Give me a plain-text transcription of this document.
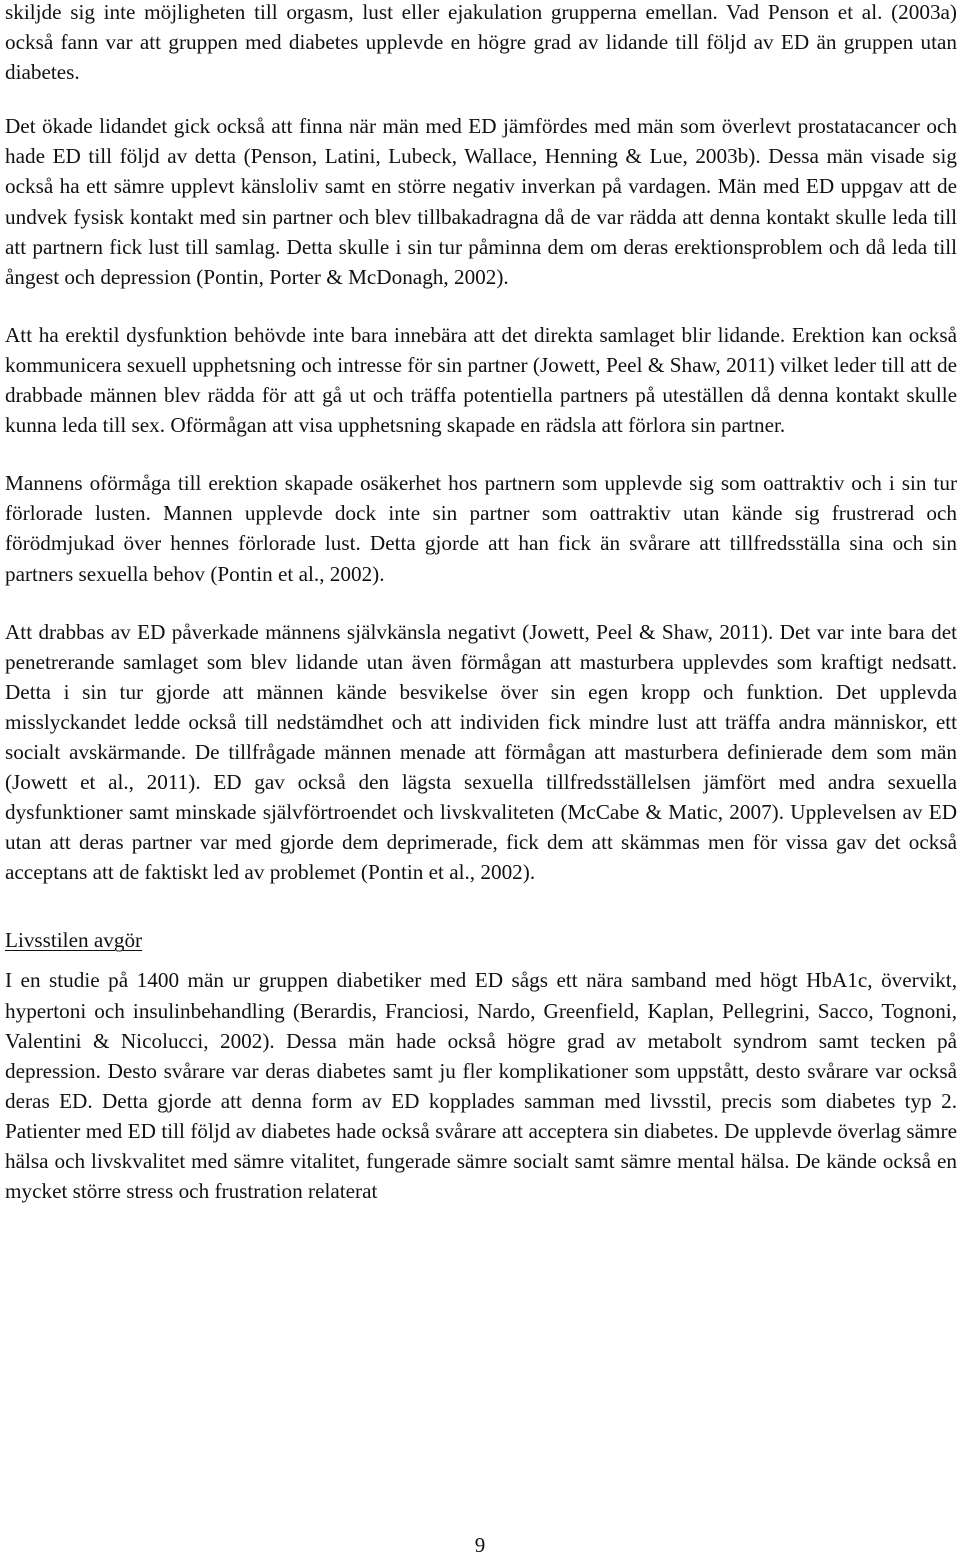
skiljde sig inte möjligheten till orgasm, lust eller ejakulation grupperna emellan. Vad Penson et al. (2003a) också fann var att gruppen med diabetes upplevde en högre grad av lidande till följd av ED än gruppen utan diabetes.

Det ökade lidandet gick också att finna när män med ED jämfördes med män som överlevt prostatacancer och hade ED till följd av detta (Penson, Latini, Lubeck, Wallace, Henning & Lue, 2003b). Dessa män visade sig också ha ett sämre upplevt känsloliv samt en större negativ inverkan på vardagen. Män med ED uppgav att de undvek fysisk kontakt med sin partner och blev tillbakadragna då de var rädda att denna kontakt skulle leda till att partnern fick lust till samlag. Detta skulle i sin tur påminna dem om deras erektionsproblem och då leda till ångest och depression (Pontin, Porter & McDonagh, 2002).

Att ha erektil dysfunktion behövde inte bara innebära att det direkta samlaget blir lidande. Erektion kan också kommunicera sexuell upphetsning och intresse för sin partner (Jowett, Peel & Shaw, 2011) vilket leder till att de drabbade männen blev rädda för att gå ut och träffa potentiella partners på uteställen då denna kontakt skulle kunna leda till sex. Oförmågan att visa upphetsning skapade en rädsla att förlora sin partner.

Mannens oförmåga till erektion skapade osäkerhet hos partnern som upplevde sig som oattraktiv och i sin tur förlorade lusten. Mannen upplevde dock inte sin partner som oattraktiv utan kände sig frustrerad och förödmjukad över hennes förlorade lust. Detta gjorde att han fick än svårare att tillfredsställa sina och sin partners sexuella behov (Pontin et al., 2002).

Att drabbas av ED påverkade männens självkänsla negativt (Jowett, Peel & Shaw, 2011). Det var inte bara det penetrerande samlaget som blev lidande utan även förmågan att masturbera upplevdes som kraftigt nedsatt. Detta i sin tur gjorde att männen kände besvikelse över sin egen kropp och funktion. Det upplevda misslyckandet ledde också till nedstämdhet och att individen fick mindre lust att träffa andra människor, ett socialt avskärmande. De tillfrågade männen menade att förmågan att masturbera definierade dem som män (Jowett et al., 2011). ED gav också den lägsta sexuella tillfredsställelsen jämfört med andra sexuella dysfunktioner samt minskade självförtroendet och livskvaliteten (McCabe & Matic, 2007). Upplevelsen av ED utan att deras partner var med gjorde dem deprimerade, fick dem att skämmas men för vissa gav det också acceptans att de faktiskt led av problemet (Pontin et al., 2002).

Livsstilen avgör

I en studie på 1400 män ur gruppen diabetiker med ED sågs ett nära samband med högt HbA1c, övervikt, hypertoni och insulinbehandling (Berardis, Franciosi, Nardo, Greenfield, Kaplan, Pellegrini, Sacco, Tognoni, Valentini & Nicolucci, 2002). Dessa män hade också högre grad av metabolt syndrom samt tecken på depression. Desto svårare var deras diabetes samt ju fler komplikationer som uppstått, desto svårare var också deras ED. Detta gjorde att denna form av ED kopplades samman med livsstil, precis som diabetes typ 2. Patienter med ED till följd av diabetes hade också svårare att acceptera sin diabetes. De upplevde överlag sämre hälsa och livskvalitet med sämre vitalitet, fungerade sämre socialt samt sämre mental hälsa. De kände också en mycket större stress och frustration relaterat

9
